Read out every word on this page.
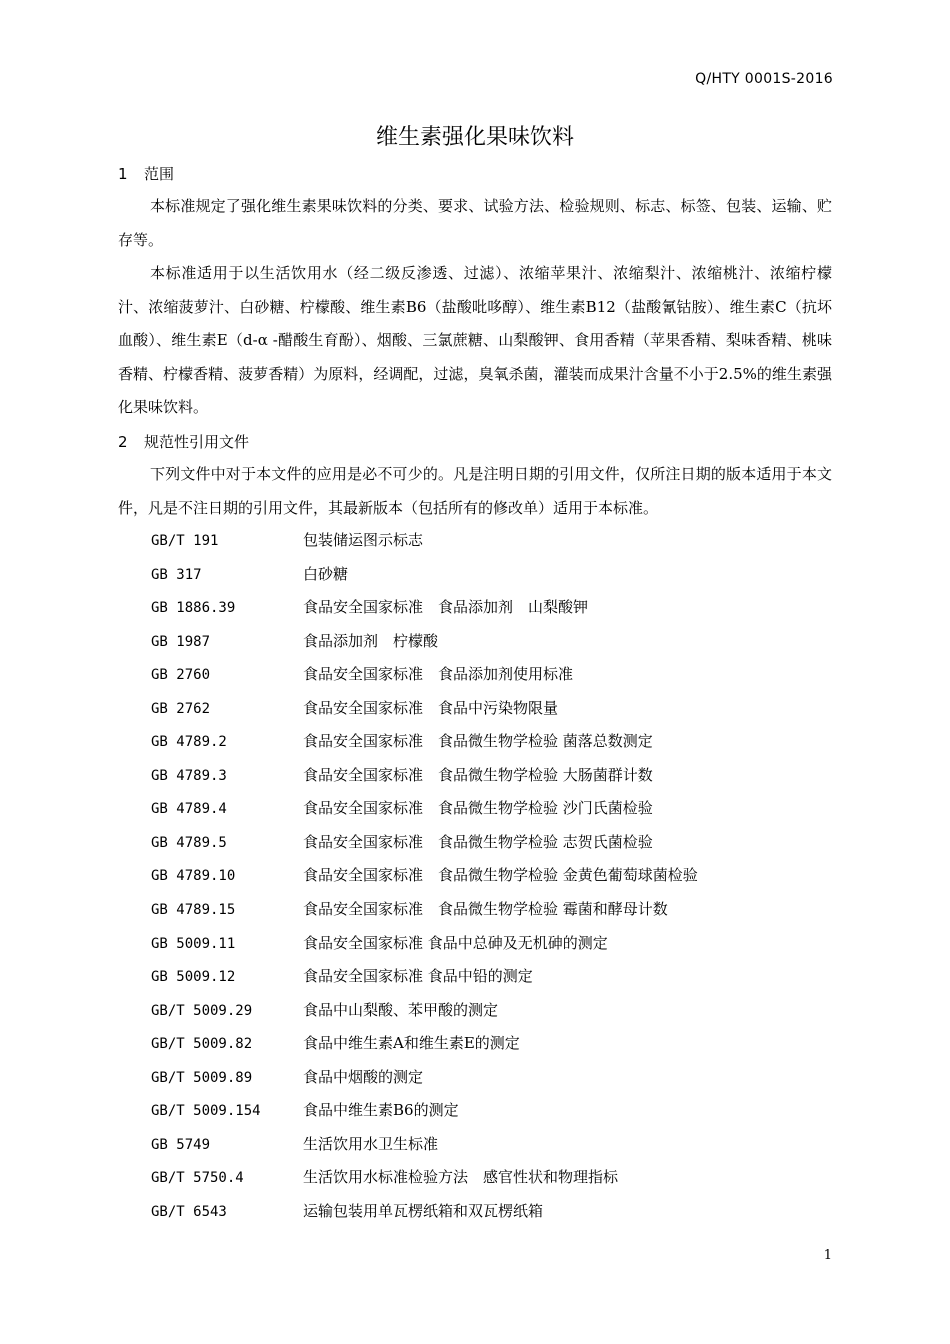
Q/HTY 0001S-2016
维生素强化果味饮料
1 范围

本标准规定了强化维生素果味饮料的分类、要求、试验方法、检验规则、标志、标签、包装、运输、贮存等。

本标准适用于以生活饮用水（经二级反渗透、过滤）、浓缩苹果汁、浓缩梨汁、浓缩桃汁、浓缩柠檬汁、浓缩菠萝汁、白砂糖、柠檬酸、维生素B6（盐酸吡哆醇）、维生素B12（盐酸氰钴胺）、维生素C（抗坏血酸）、维生素E（d-α -醋酸生育酚）、烟酸、三氯蔗糖、山梨酸钾、食用香精（苹果香精、梨味香精、桃味香精、柠檬香精、菠萝香精）为原料，经调配，过滤，臭氧杀菌，灌装而成果汁含量不小于2.5%的维生素强化果味饮料。

2 规范性引用文件

下列文件中对于本文件的应用是必不可少的。凡是注明日期的引用文件，仅所注日期的版本适用于本文件，凡是不注日期的引用文件，其最新版本（包括所有的修改单）适用于本标准。

GB/T 191	包装储运图示标志
GB 317	白砂糖
GB 1886.39	食品安全国家标准　食品添加剂　山梨酸钾
GB 1987	食品添加剂　柠檬酸
GB 2760	食品安全国家标准　食品添加剂使用标准
GB 2762	食品安全国家标准　食品中污染物限量
GB 4789.2	食品安全国家标准　食品微生物学检验 菌落总数测定
GB 4789.3	食品安全国家标准　食品微生物学检验 大肠菌群计数
GB 4789.4	食品安全国家标准　食品微生物学检验 沙门氏菌检验
GB 4789.5	食品安全国家标准　食品微生物学检验 志贺氏菌检验
GB 4789.10	食品安全国家标准　食品微生物学检验 金黄色葡萄球菌检验
GB 4789.15	食品安全国家标准　食品微生物学检验 霉菌和酵母计数
GB 5009.11	食品安全国家标准 食品中总砷及无机砷的测定
GB 5009.12	食品安全国家标准 食品中铅的测定
GB/T 5009.29	食品中山梨酸、苯甲酸的测定
GB/T 5009.82	食品中维生素A和维生素E的测定
GB/T 5009.89	食品中烟酸的测定
GB/T 5009.154	食品中维生素B6的测定
GB 5749	生活饮用水卫生标准
GB/T 5750.4	生活饮用水标准检验方法　感官性状和物理指标
GB/T 6543	运输包装用单瓦楞纸箱和双瓦楞纸箱
1
